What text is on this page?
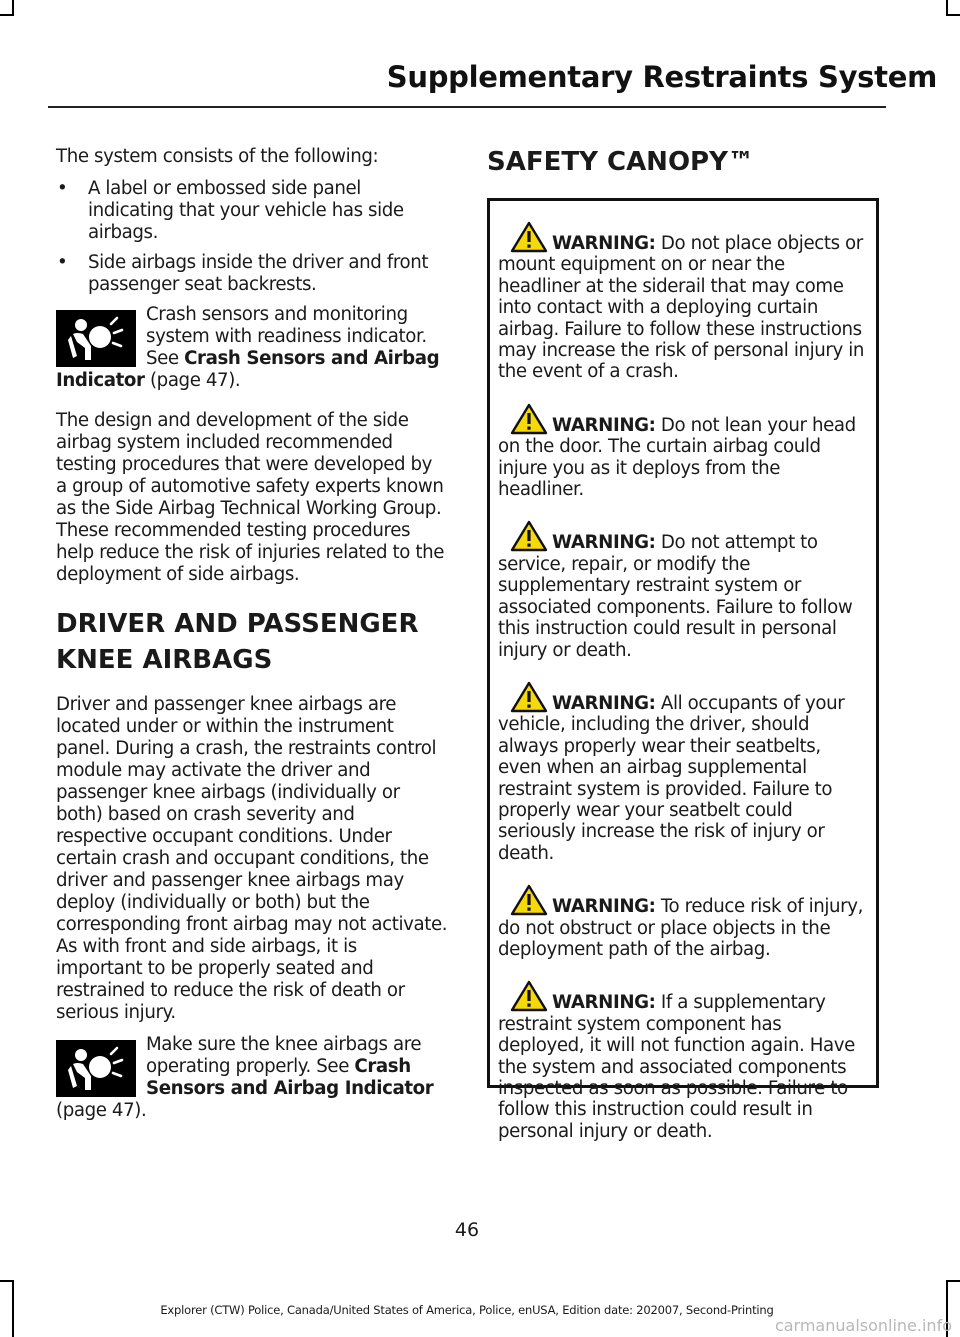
Supplementary Restraints System

The system consists of the following:

• A label or embossed side panel indicating that your vehicle has side airbags.
• Side airbags inside the driver and front passenger seat backrests.

Crash sensors and monitoring system with readiness indicator. See Crash Sensors and Airbag Indicator (page 47).

The design and development of the side airbag system included recommended testing procedures that were developed by a group of automotive safety experts known as the Side Airbag Technical Working Group. These recommended testing procedures help reduce the risk of injuries related to the deployment of side airbags.

DRIVER AND PASSENGER
KNEE AIRBAGS

Driver and passenger knee airbags are located under or within the instrument panel. During a crash, the restraints control module may activate the driver and passenger knee airbags (individually or both) based on crash severity and respective occupant conditions. Under certain crash and occupant conditions, the driver and passenger knee airbags may deploy (individually or both) but the corresponding front airbag may not activate. As with front and side airbags, it is important to be properly seated and restrained to reduce the risk of death or serious injury.

Make sure the knee airbags are operating properly. See Crash Sensors and Airbag Indicator (page 47).

SAFETY CANOPY™
WARNING: Do not place objects or mount equipment on or near the headliner at the siderail that may come into contact with a deploying curtain airbag. Failure to follow these instructions may increase the risk of personal injury in the event of a crash.
WARNING: Do not lean your head on the door. The curtain airbag could injure you as it deploys from the headliner.
WARNING: Do not attempt to service, repair, or modify the supplementary restraint system or associated components. Failure to follow this instruction could result in personal injury or death.
WARNING: All occupants of your vehicle, including the driver, should always properly wear their seatbelts, even when an airbag supplemental restraint system is provided. Failure to properly wear your seatbelt could seriously increase the risk of injury or death.
WARNING: To reduce risk of injury, do not obstruct or place objects in the deployment path of the airbag.
WARNING: If a supplementary restraint system component has deployed, it will not function again. Have the system and associated components inspected as soon as possible. Failure to follow this instruction could result in personal injury or death.
46
Explorer (CTW) Police, Canada/United States of America, Police, enUSA, Edition date: 202007, Second-Printing
carmanualsonline.info
